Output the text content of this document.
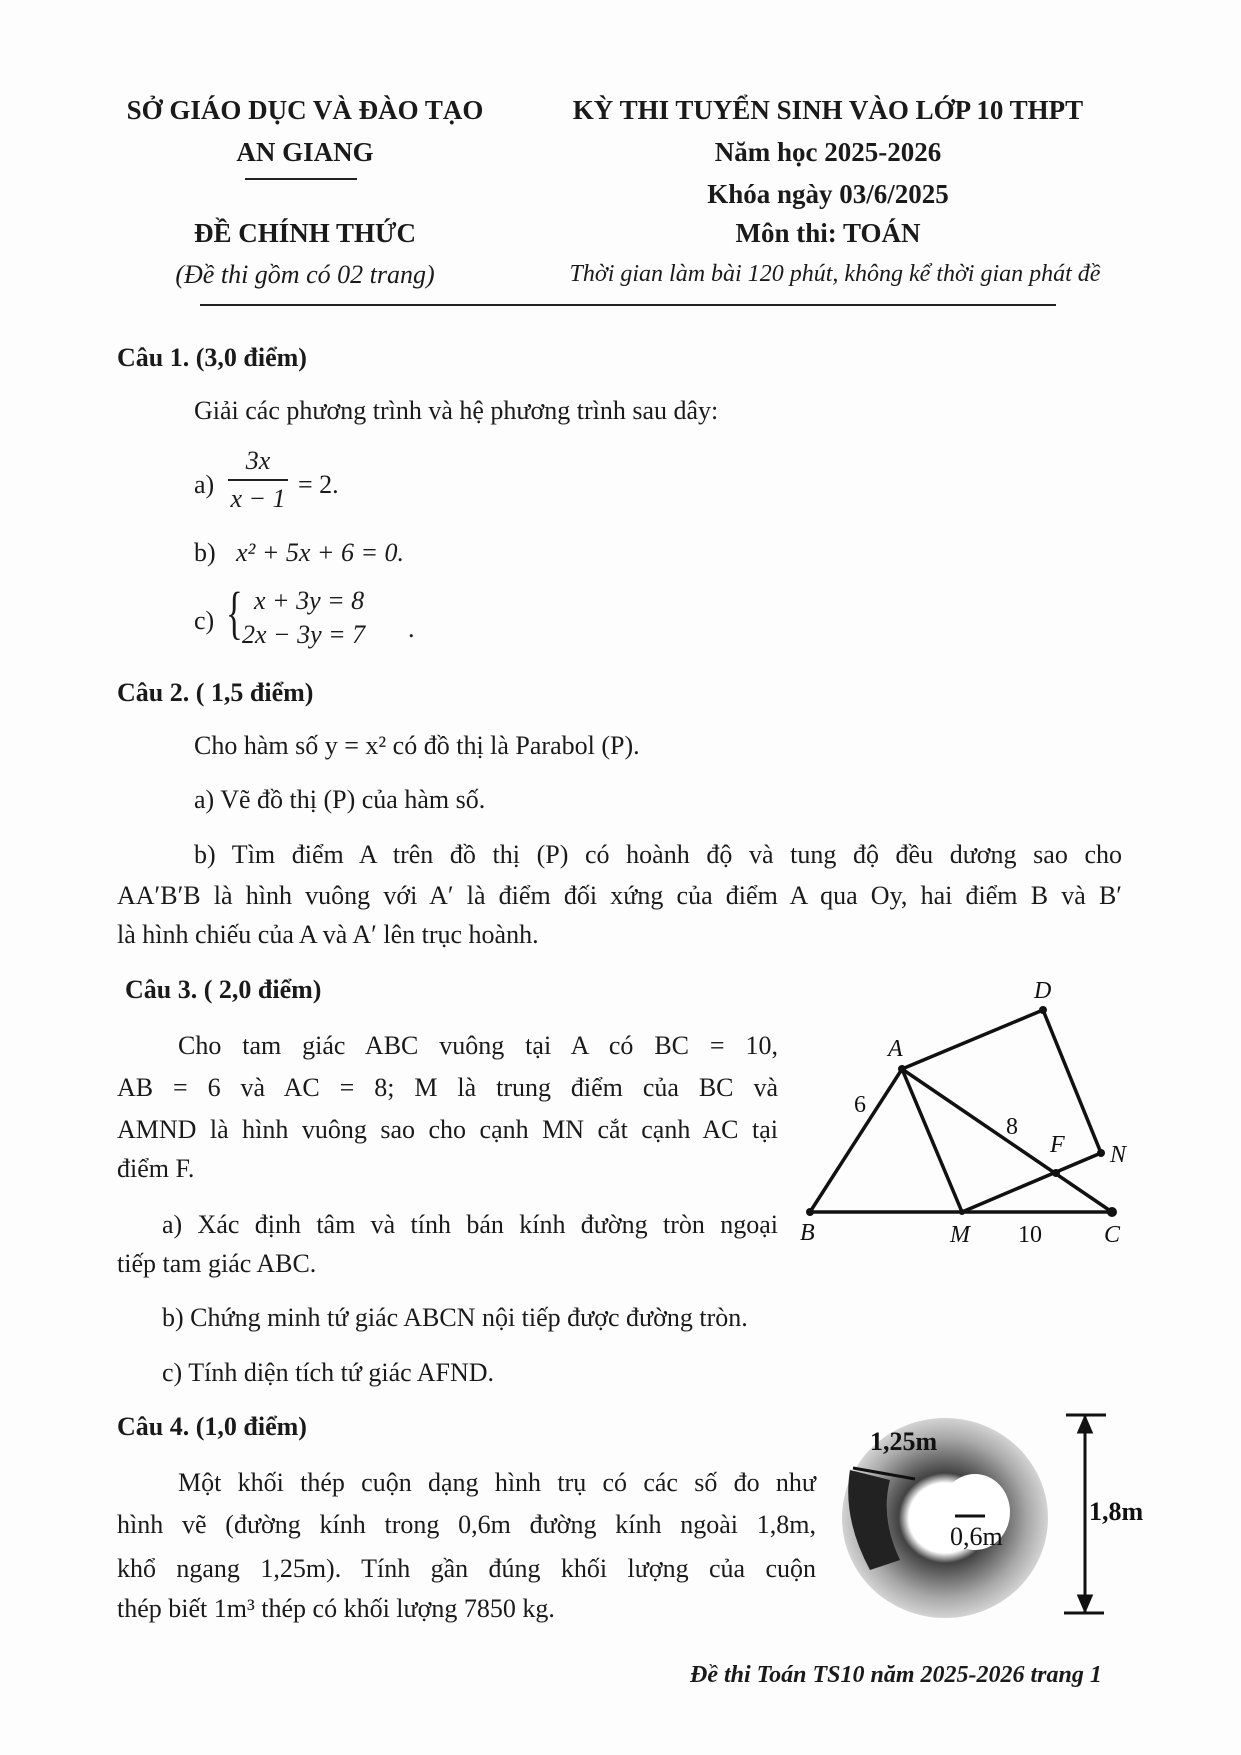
SỞ GIÁO DỤC VÀ ĐÀO TẠO
AN GIANG
ĐỀ CHÍNH THỨC
(Đề thi gồm có 02 trang)
KỲ THI TUYỂN SINH VÀO LỚP 10 THPT
Năm học 2025-2026
Khóa ngày 03/6/2025
Môn thi: TOÁN
Thời gian làm bài 120 phút, không kể thời gian phát đề
Câu 1. (3,0 điểm)
Giải các phương trình và hệ phương trình sau dây:
a)
3x
x − 1 = 2.
b) x² + 5x + 6 = 0.
c) { x + 3y = 8
2x − 3y = 7 .
Câu 2. ( 1,5 điểm)
Cho hàm số y = x² có đồ thị là Parabol (P).
a) Vẽ đồ thị (P) của hàm số.
b) Tìm điểm A trên đồ thị (P) có hoành độ và tung độ đều dương sao cho
AA′B′B là hình vuông với A′ là điểm đối xứng của điểm A qua Oy, hai điểm B và B′
là hình chiếu của A và A′ lên trục hoành.
Câu 3. ( 2,0 điểm)
Cho tam giác ABC vuông tại A có BC = 10,
AB = 6 và AC = 8; M là trung điểm của BC và
AMND là hình vuông sao cho cạnh MN cắt cạnh AC tại
điểm F.
a) Xác định tâm và tính bán kính đường tròn ngoại
tiếp tam giác ABC.
b) Chứng minh tứ giác ABCN nội tiếp được đường tròn.
c) Tính diện tích tứ giác AFND.
A
B	C
D
M
N
F
6
8
10
Câu 4. (1,0 điểm)
Một khối thép cuộn dạng hình trụ có các số đo như
hình vẽ (đường kính trong 0,6m đường kính ngoài 1,8m,
khổ ngang 1,25m). Tính gần đúng khối lượng của cuộn
thép biết 1m³ thép có khối lượng 7850 kg.
1,25m
0,6m
1,8m
Đề thi Toán TS10 năm 2025-2026 trang 1
